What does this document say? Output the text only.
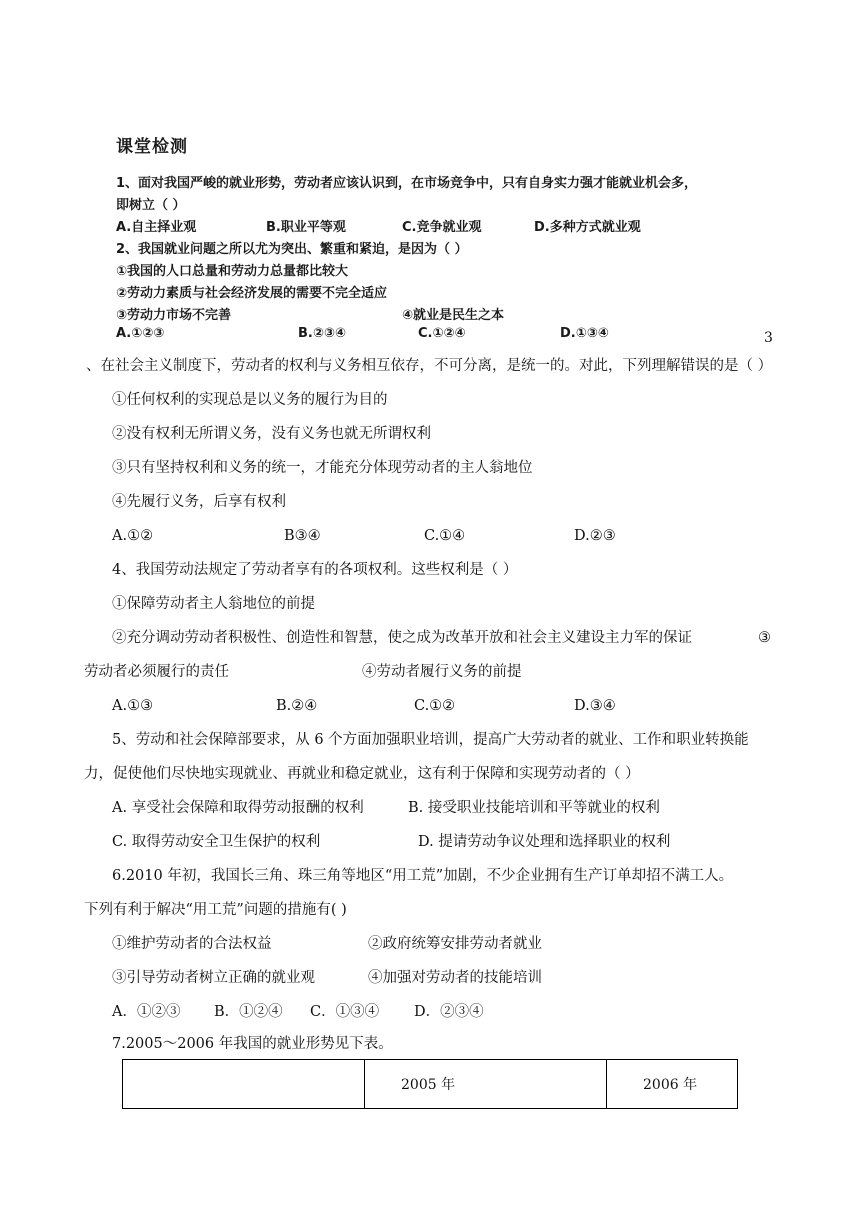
课堂检测
1、面对我国严峻的就业形势，劳动者应该认识到，在市场竞争中，只有自身实力强才能就业机会多，
即树立（ ）
A.自主择业观	B.职业平等观	C.竞争就业观	D.多种方式就业观
2、我国就业问题之所以尤为突出、繁重和紧迫，是因为（ ）
①我国的人口总量和劳动力总量都比较大
②劳动力素质与社会经济发展的需要不完全适应
③劳动力市场不完善	④就业是民生之本
A.①②③	B.②③④	C.①②④	D.①③④	3
、在社会主义制度下，劳动者的权利与义务相互依存，不可分离，是统一的。对此，下列理解错误的是（ ）
①任何权利的实现总是以义务的履行为目的
②没有权利无所谓义务，没有义务也就无所谓权利
③只有坚持权利和义务的统一，才能充分体现劳动者的主人翁地位
④先履行义务，后享有权利
A.①②	B③④	C.①④	D.②③
4、我国劳动法规定了劳动者享有的各项权利。这些权利是（ ）
①保障劳动者主人翁地位的前提
②充分调动劳动者积极性、创造性和智慧，使之成为改革开放和社会主义建设主力军的保证	③
劳动者必须履行的责任	④劳动者履行义务的前提
A.①③	B.②④	C.①②	D.③④
5、劳动和社会保障部要求，从 6 个方面加强职业培训，提高广大劳动者的就业、工作和职业转换能
力，促使他们尽快地实现就业、再就业和稳定就业，这有利于保障和实现劳动者的（ ）
A. 享受社会保障和取得劳动报酬的权利	B. 接受职业技能培训和平等就业的权利
C. 取得劳动安全卫生保护的权利	D. 提请劳动争议处理和选择职业的权利
6.2010 年初，我国长三角、珠三角等地区“用工荒”加剧，不少企业拥有生产订单却招不满工人。
下列有利于解决“用工荒”问题的措施有( )
①维护劳动者的合法权益	②政府统筹安排劳动者就业
③引导劳动者树立正确的就业观	④加强对劳动者的技能培训
A．①②③ B．①②④ C．①③④ D．②③④
7.2005～2006 年我国的就业形势见下表。
	2005 年	2006 年
